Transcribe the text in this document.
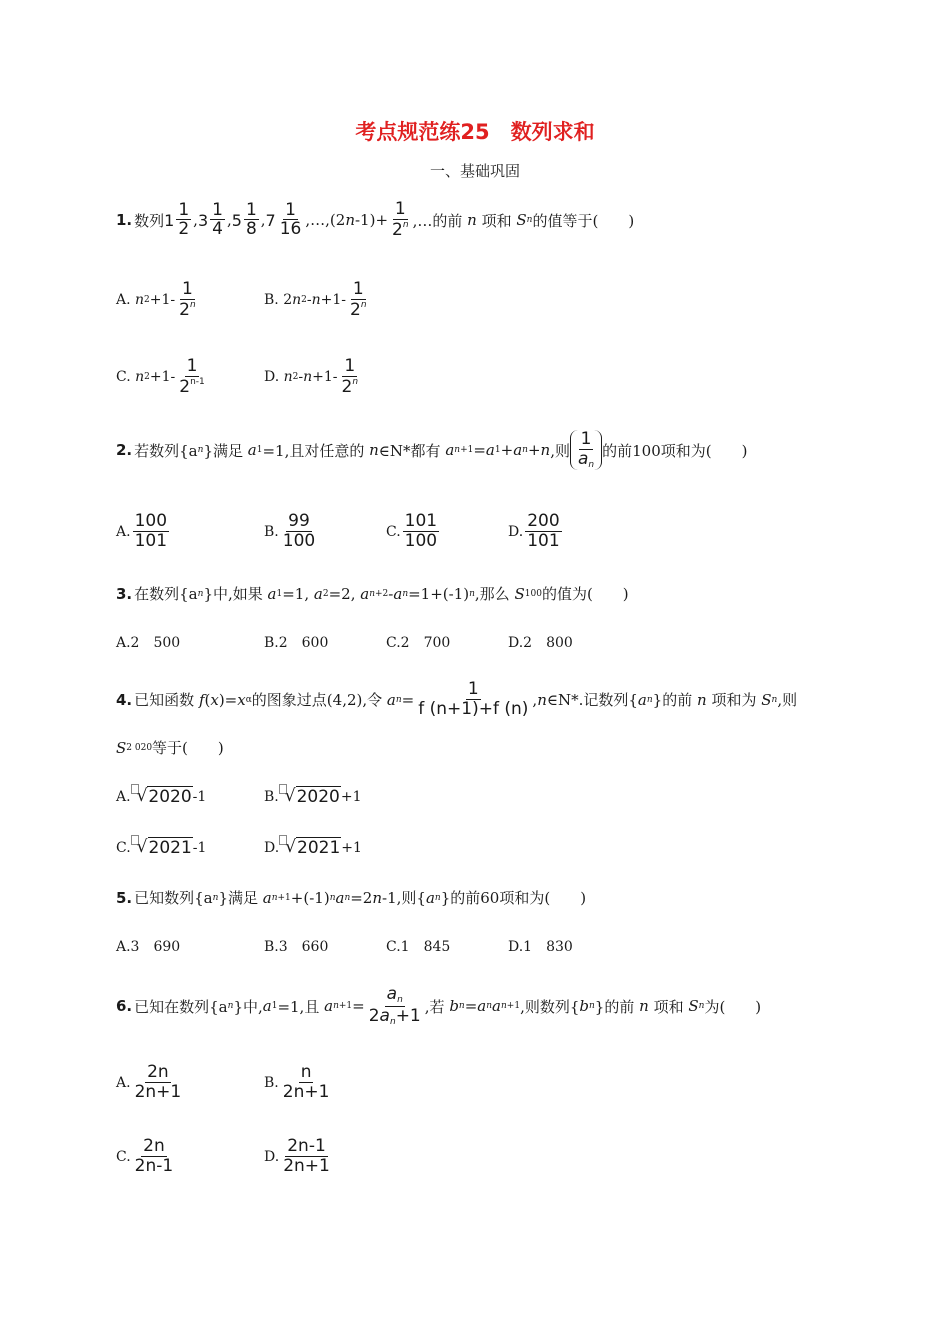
考点规范练25　数列求和
一、基础巩固
1. 数列 $1 \frac{1}{2}$ , $3 \frac{1}{4}$ , $5 \frac{1}{8}$ , $7 \frac{1}{16}$ ,…,(2 n $-1)+ \frac{1}{2^n}$ ,…的前
n
项和
S n 的值等于(　　)
A.
n $2 +1- \frac{1}{2^n}$	B.
2 n $2 - n +1- \frac{1}{2^n}$
C.
n $2 +1- \frac{1}{2^{n-1}}$	D.
n $2 - n +1- \frac{1}{2^n}$
2. 若数列{a n }满足
a 1 =1,且对任意的
n ∈N*都有
a n+1 = a 1 + a n + n ,则 $\frac{1}{a_n}$ 的前100项和为(　　)
A. $\frac{100}{101}$	B. $\frac{99}{100}$	C. $\frac{101}{100}$	D. $\frac{200}{101}$
3. 在数列{a n }中,如果
a 1 =1,
a 2 =2,
a n+2 - a n =1+(-1) n ,那么
S 100 的值为(　　)
A.2　500	B.2　600	C.2　700	D.2　800
4. 已知函数
f ( x )= x α 的图象过点(4,2),令
a $n = \frac{1}{f (n+1)+f (n)}$ , n ∈N*.记数列{ a n }的前
n
项和为
S n ,则
S 2 020 等于(　　)
A. √ 2020 -1	B. √ 2020 +1
C. √ 2021 -1	D. √ 2021 +1
5. 已知数列{a n }满足
a n+1 +(-1) n a n =2 n -1,则{ a n }的前60项和为(　　)
A.3　690	B.3　660	C.1　845	D.1　830
6. 已知在数列{a n }中, a 1 =1,且
a $n+1 = \frac{a_n}{2a_n+1}$ ,若
b n = a n a n+1 ,则数列{ b n }的前
n
项和
S n 为(　　)
A. $\frac{2n}{2n+1}$	B. $\frac{n}{2n+1}$
C. $\frac{2n}{2n-1}$	D. $\frac{2n-1}{2n+1}$
